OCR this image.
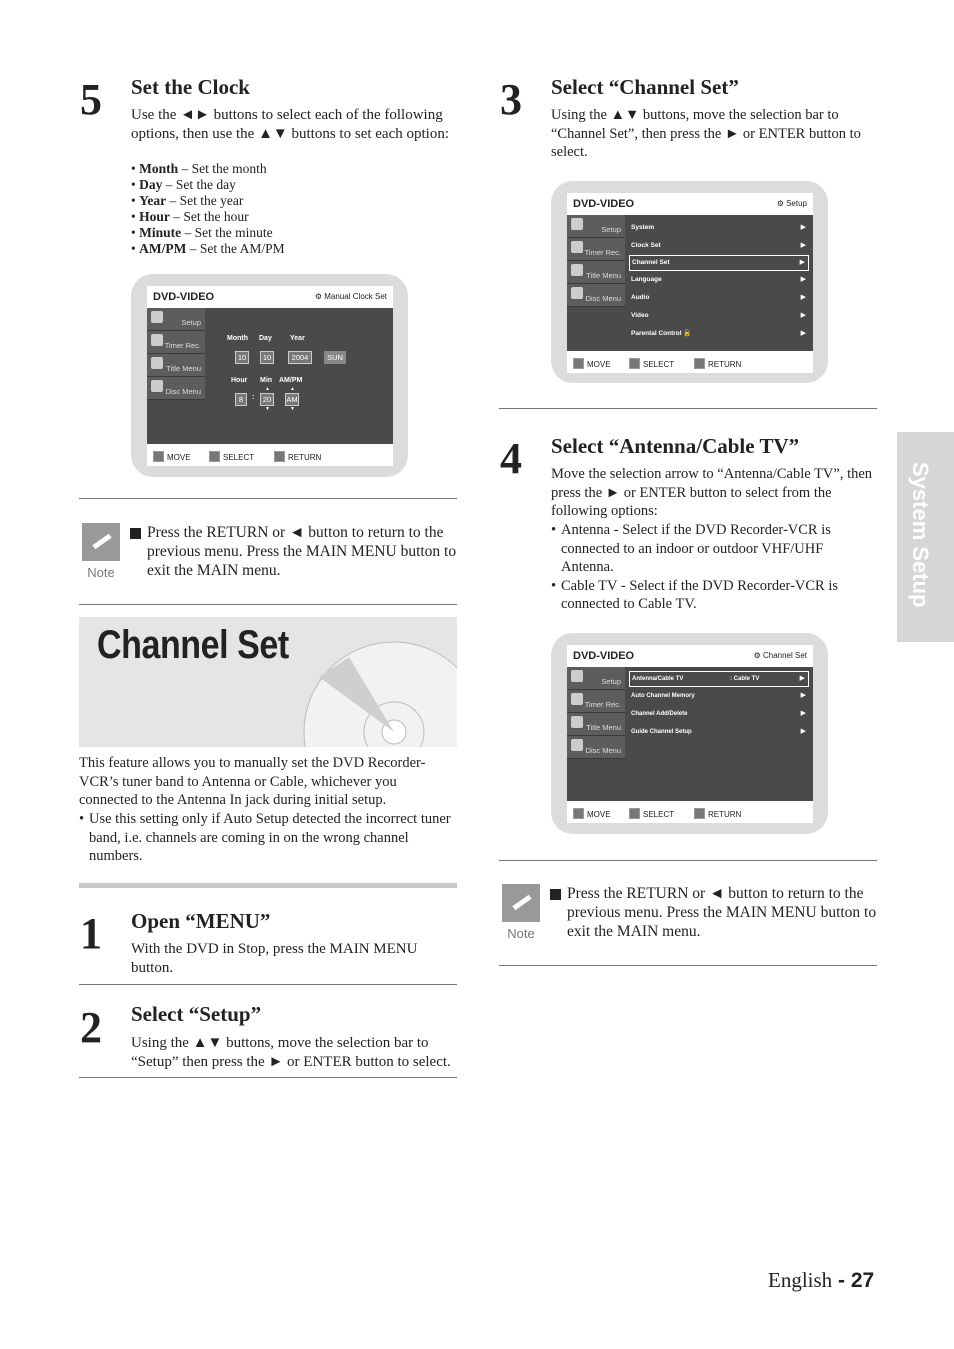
System Setup
5 Set the Clock
Use the ◄► buttons to select each of the following options, then use the ▲▼ buttons to set each option:
• Month – Set the month
• Day – Set the day
• Year – Set the year
• Hour – Set the hour
• Minute – Set the minute
• AM/PM – Set the AM/PM
DVD-VIDEO	⚙ Manual Clock Set
Setup
Timer Rec.
Title Menu
Disc Menu
Month Day	Year
10	10	2004	SUN
Hour Min AM/PM
▲	▲
8	:	20	AM
▼	▼
MOVE	SELECT	RETURN
Note
Press the RETURN or ◄ button to return to the previous menu. Press the MAIN MENU button to exit the MAIN menu.
Channel Set
This feature allows you to manually set the DVD Recorder-VCR’s tuner band to Antenna or Cable, whichever you connected to the Antenna In jack during initial setup.
• Use this setting only if Auto Setup detected the incorrect tuner band, i.e. channels are coming in on the wrong channel numbers.
1 Open “MENU”
With the DVD in Stop, press the MAIN MENU button.
2 Select “Setup”
Using the ▲▼ buttons, move the selection bar to “Setup” then press the ► or ENTER button to select.
3 Select “Channel Set”
Using the ▲▼ buttons, move the selection bar to “Channel Set”, then press the ► or ENTER button to select.
DVD-VIDEO	⚙ Setup
Setup
Timer Rec.
Title Menu
Disc Menu
System	▶
Clock Set	▶
Channel Set	▶
Language	▶
Audio	▶
Video	▶
Parental Control 🔓	▶
MOVE	SELECT	RETURN
4 Select “Antenna/Cable TV”
Move the selection arrow to “Antenna/Cable TV”, then press the ► or ENTER button to select from the following options:
• Antenna - Select if the DVD Recorder-VCR is connected to an indoor or outdoor VHF/UHF Antenna.
• Cable TV - Select if the DVD Recorder-VCR is connected to Cable TV.
DVD-VIDEO	⚙ Channel Set
Setup
Timer Rec.
Title Menu
Disc Menu
Antenna/Cable TV	: Cable TV	▶
Auto Channel Memory	▶
Channel Add/Delete	▶
Guide Channel Setup	▶
MOVE	SELECT	RETURN
Note
Press the RETURN or ◄ button to return to the previous menu. Press the MAIN MENU button to exit the MAIN menu.
English - 27
